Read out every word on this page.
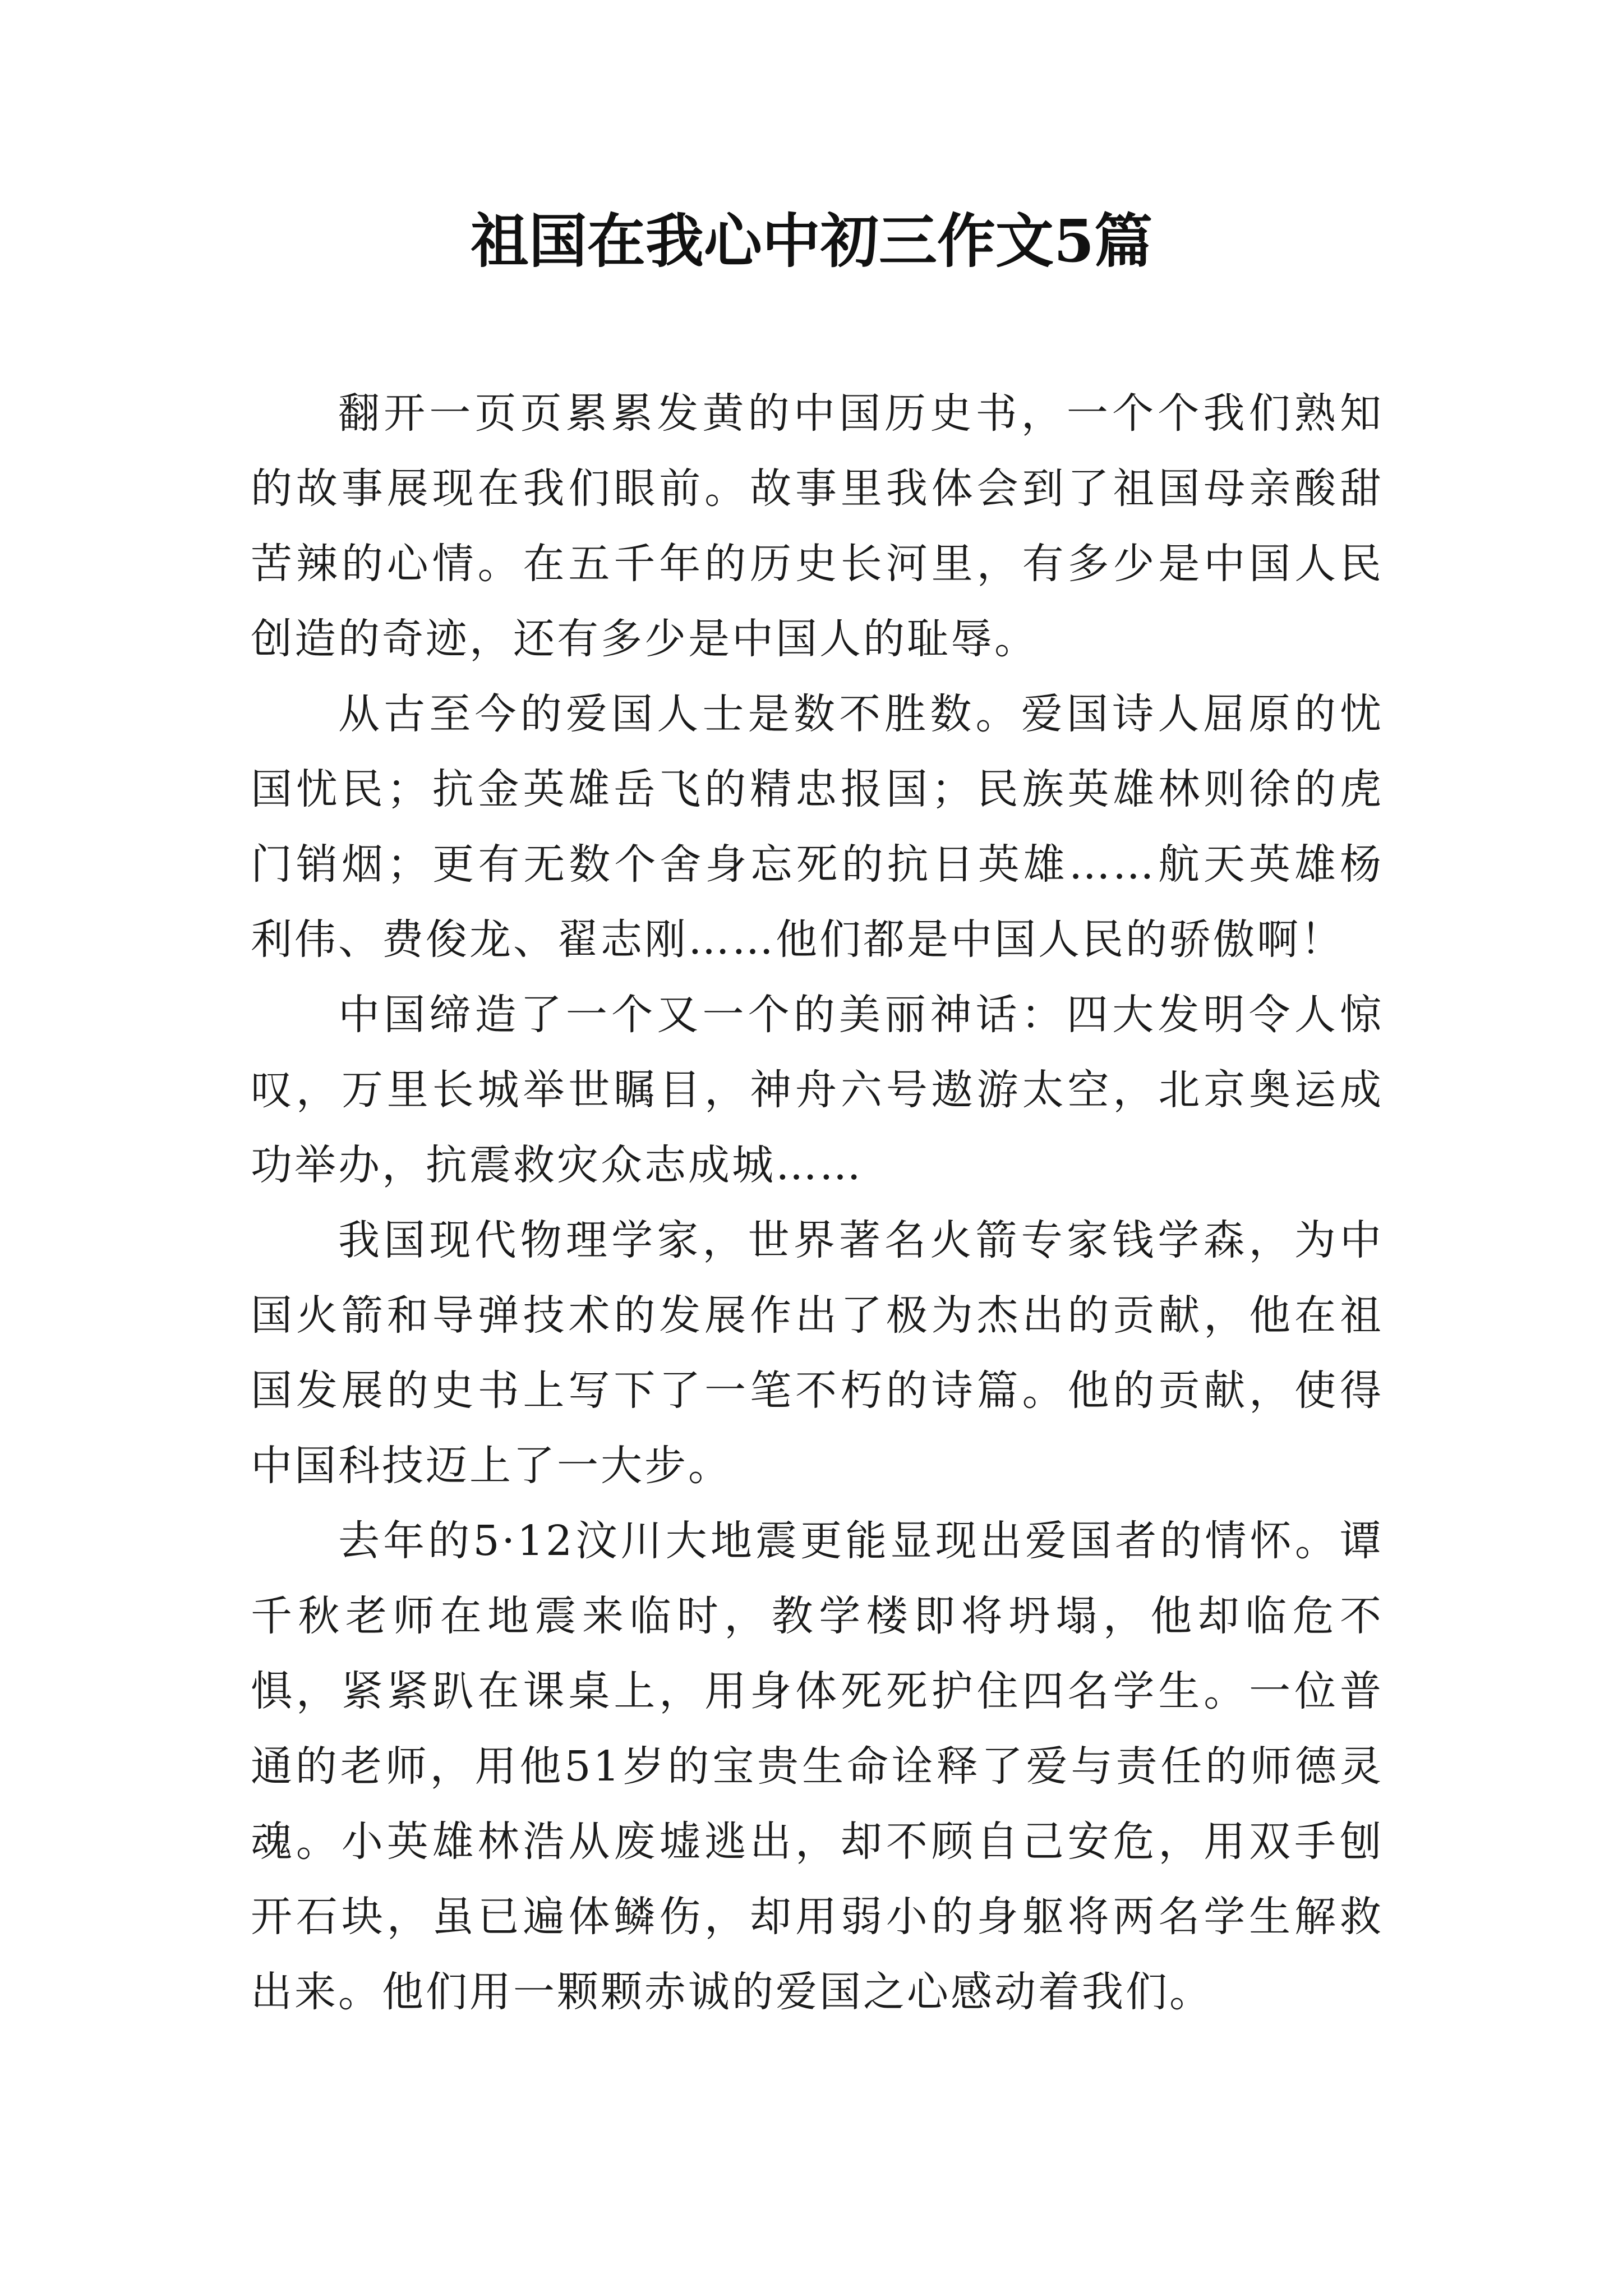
祖国在我心中初三作文5篇

翻开一页页累累发黄的中国历史书，一个个我们熟知的故事展现在我们眼前。故事里我体会到了祖国母亲酸甜苦辣的心情。在五千年的历史长河里，有多少是中国人民创造的奇迹，还有多少是中国人的耻辱。

从古至今的爱国人士是数不胜数。爱国诗人屈原的忧国忧民；抗金英雄岳飞的精忠报国；民族英雄林则徐的虎门销烟；更有无数个舍身忘死的抗日英雄……航天英雄杨利伟、费俊龙、翟志刚……他们都是中国人民的骄傲啊！

中国缔造了一个又一个的美丽神话：四大发明令人惊叹，万里长城举世瞩目，神舟六号遨游太空，北京奥运成功举办，抗震救灾众志成城……

我国现代物理学家，世界著名火箭专家钱学森，为中国火箭和导弹技术的发展作出了极为杰出的贡献，他在祖国发展的史书上写下了一笔不朽的诗篇。他的贡献，使得中国科技迈上了一大步。

去年的5·12汶川大地震更能显现出爱国者的情怀。谭千秋老师在地震来临时，教学楼即将坍塌，他却临危不惧，紧紧趴在课桌上，用身体死死护住四名学生。一位普通的老师，用他51岁的宝贵生命诠释了爱与责任的师德灵魂。小英雄林浩从废墟逃出，却不顾自己安危，用双手刨开石块，虽已遍体鳞伤，却用弱小的身躯将两名学生解救出来。他们用一颗颗赤诚的爱国之心感动着我们。
